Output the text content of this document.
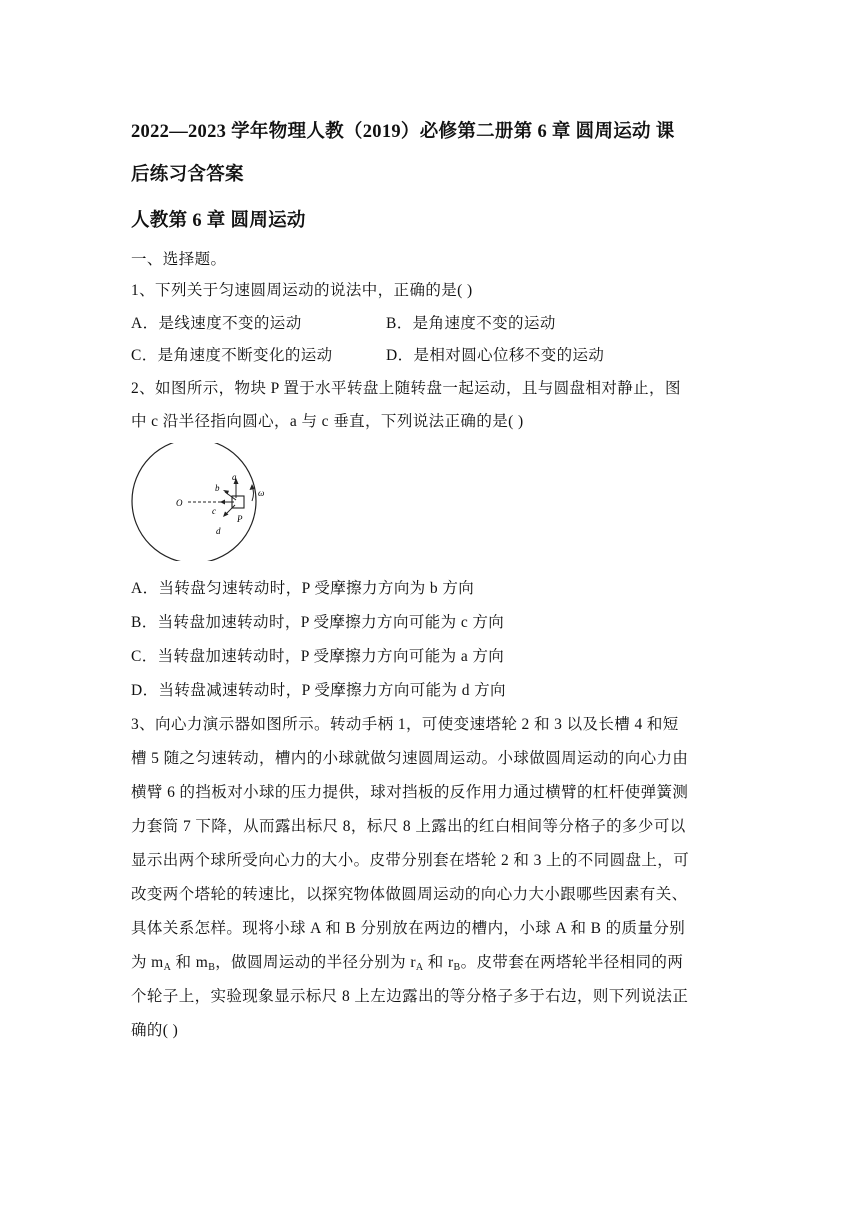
2022—2023 学年物理人教（2019）必修第二册第 6 章 圆周运动 课
后练习含答案
人教第 6 章 圆周运动
一、选择题。
1、下列关于匀速圆周运动的说法中，正确的是( )
A．是线速度不变的运动	B．是角速度不变的运动
C．是角速度不断变化的运动	D．是相对圆心位移不变的运动
2、如图所示，物块 P 置于水平转盘上随转盘一起运动，且与圆盘相对静止，图
中 c 沿半径指向圆心，a 与 c 垂直，下列说法正确的是( )
O
a
b
c
d
P
ω
A．当转盘匀速转动时，P 受摩擦力方向为 b 方向
B．当转盘加速转动时，P 受摩擦力方向可能为 c 方向
C．当转盘加速转动时，P 受摩擦力方向可能为 a 方向
D．当转盘减速转动时，P 受摩擦力方向可能为 d 方向
3、向心力演示器如图所示。转动手柄 1，可使变速塔轮 2 和 3 以及长槽 4 和短
槽 5 随之匀速转动，槽内的小球就做匀速圆周运动。小球做圆周运动的向心力由
横臂 6 的挡板对小球的压力提供，球对挡板的反作用力通过横臂的杠杆使弹簧测
力套筒 7 下降，从而露出标尺 8，标尺 8 上露出的红白相间等分格子的多少可以
显示出两个球所受向心力的大小。皮带分别套在塔轮 2 和 3 上的不同圆盘上，可
改变两个塔轮的转速比，以探究物体做圆周运动的向心力大小跟哪些因素有关、
具体关系怎样。现将小球 A 和 B 分别放在两边的槽内，小球 A 和 B 的质量分别
为 $m_A$ 和 $m_B$，做圆周运动的半径分别为 $r_A$ 和 $r_B$。皮带套在两塔轮半径相同的两
个轮子上，实验现象显示标尺 8 上左边露出的等分格子多于右边，则下列说法正
确的( )
